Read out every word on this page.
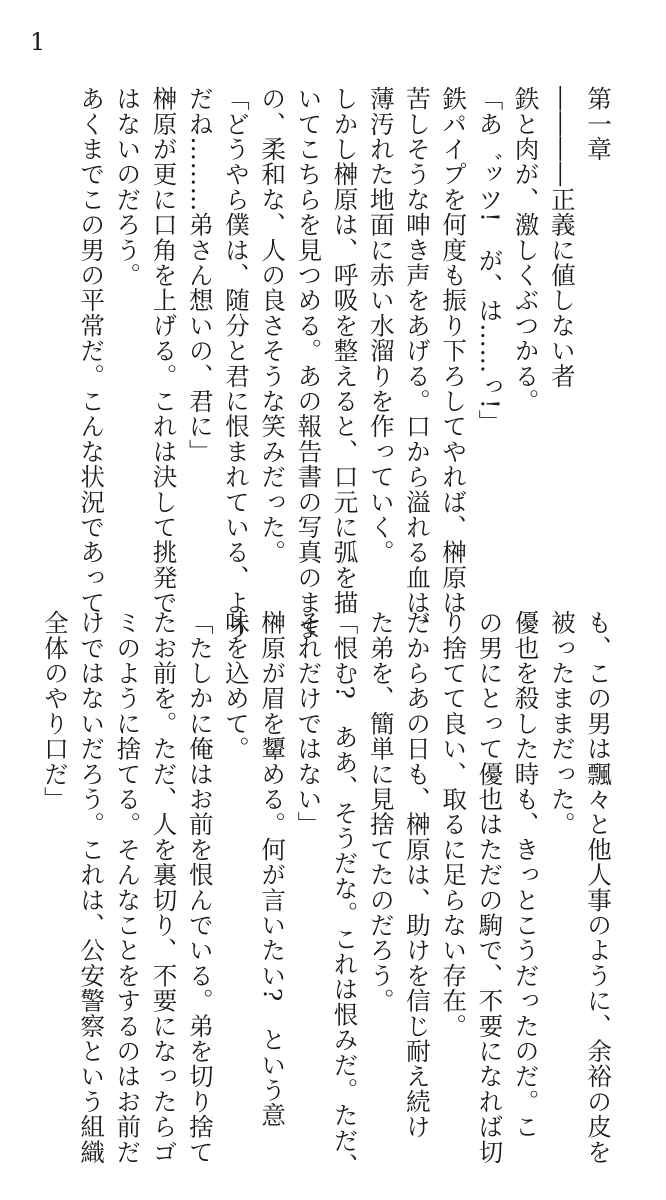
1
第一章
――――正義に値しない者
鉄と肉が、激しくぶつかる。
「あ゛ッツ!　が、は……っ!」
鉄パイプを何度も振り下ろしてやれば、榊原は
苦しそうな呻き声をあげる。口から溢れる血は、
薄汚れた地面に赤い水溜りを作っていく。
しかし榊原は、呼吸を整えると、口元に弧を描
いてこちらを見つめる。あの報告書の写真のまま
の、柔和な、人の良さそうな笑みだった。
「どうやら僕は、随分と君に恨まれている、よう
だね………弟さん想いの、君に」
榊原が更に口角を上げる。これは決して挑発で
はないのだろう。
あくまでこの男の平常だ。こんな状況であって
も、この男は飄々と他人事のように、余裕の皮を
被ったままだった。
優也を殺した時も、きっとこうだったのだ。こ
の男にとって優也はただの駒で、不要になれば切
り捨てて良い、取るに足らない存在。
だからあの日も、榊原は、助けを信じ耐え続け
た弟を、簡単に見捨てたのだろう。
「恨む?　ああ、そうだな。これは恨みだ。ただ、
それだけではない」
榊原が眉を顰める。何が言いたい?　という意
味を込めて。
「たしかに俺はお前を恨んでいる。弟を切り捨て
たお前を。ただ、人を裏切り、不要になったらゴ
ミのように捨てる。そんなことをするのはお前だ
けではないだろう。これは、公安警察という組織
全体のやり口だ」
